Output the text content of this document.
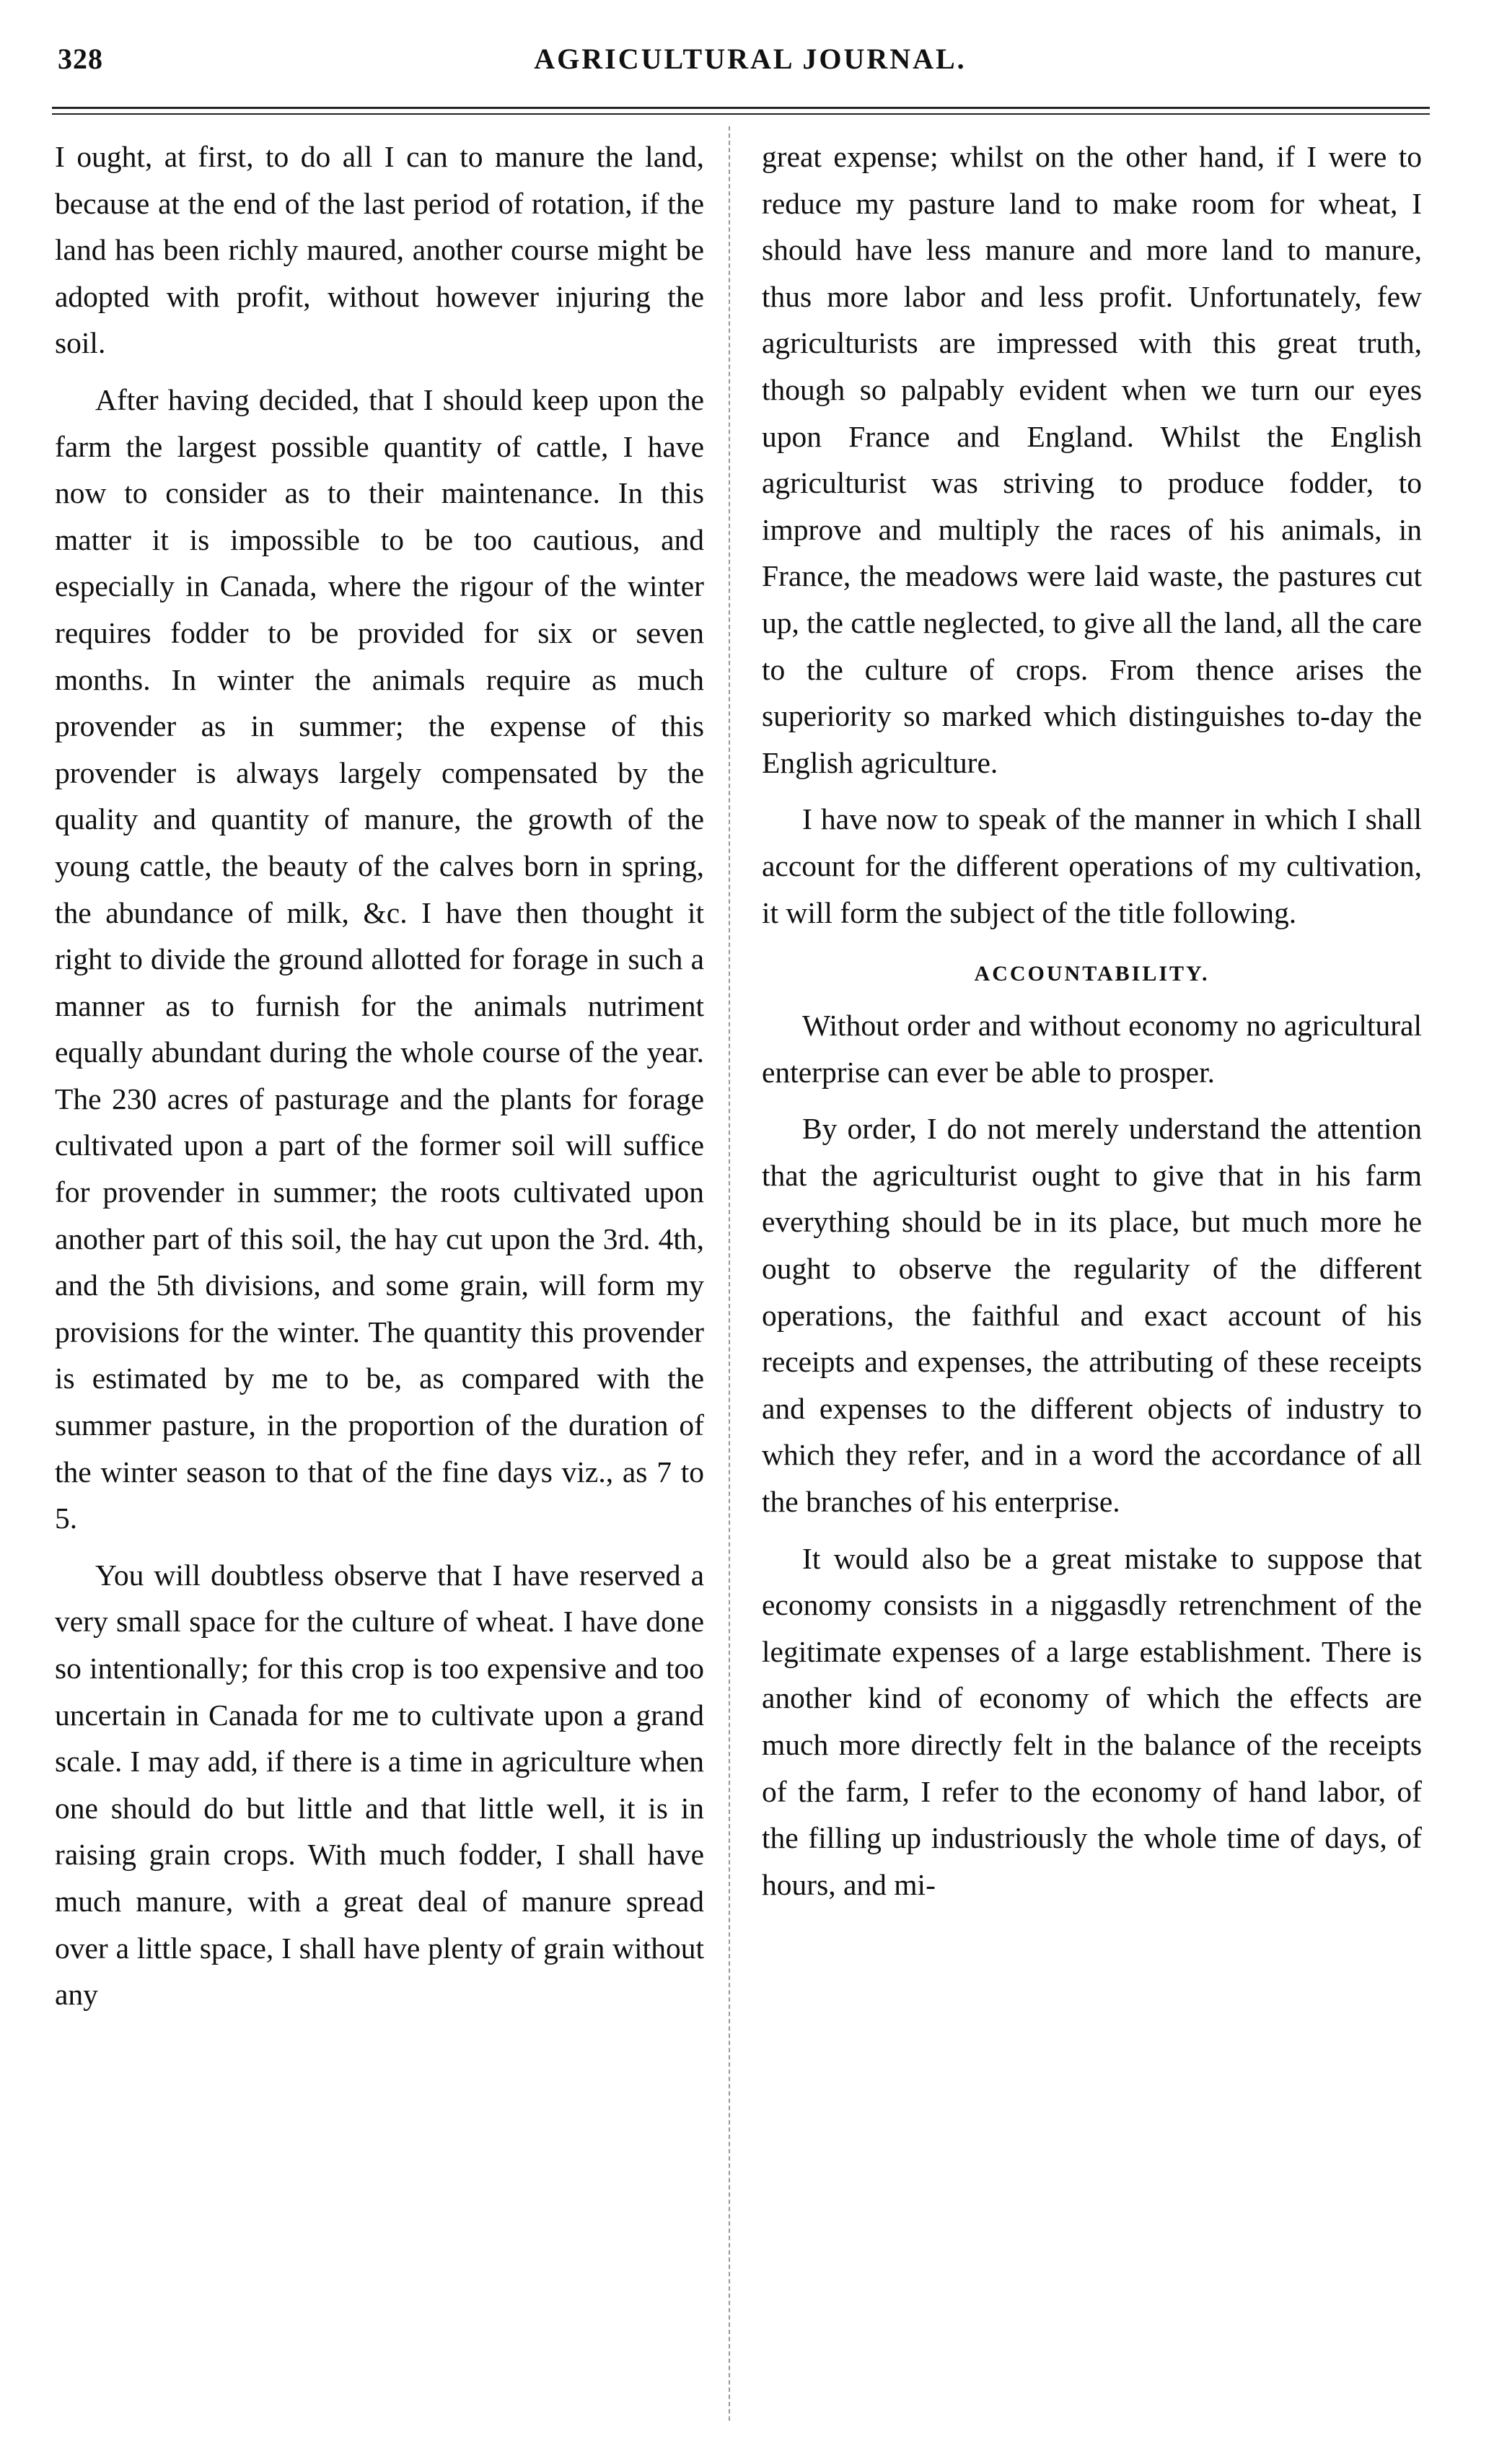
328	AGRICULTURAL JOURNAL.

I ought, at first, to do all I can to manure the land, because at the end of the last period of rotation, if the land has been richly maured, another course might be adopted with profit, without however injuring the soil.

After having decided, that I should keep upon the farm the largest possible quantity of cattle, I have now to consider as to their maintenance. In this matter it is impossible to be too cautious, and especially in Canada, where the rigour of the winter requires fodder to be provided for six or seven months. In winter the animals require as much provender as in summer; the expense of this provender is always largely compensated by the quality and quantity of manure, the growth of the young cattle, the beauty of the calves born in spring, the abundance of milk, &c. I have then thought it right to divide the ground allotted for forage in such a manner as to furnish for the animals nutriment equally abundant during the whole course of the year. The 230 acres of pasturage and the plants for forage cultivated upon a part of the former soil will suffice for provender in summer; the roots cultivated upon another part of this soil, the hay cut upon the 3rd. 4th, and the 5th divisions, and some grain, will form my provisions for the winter. The quantity this provender is estimated by me to be, as compared with the summer pasture, in the proportion of the duration of the winter season to that of the fine days viz., as 7 to 5.

You will doubtless observe that I have reserved a very small space for the culture of wheat. I have done so intentionally; for this crop is too expensive and too uncertain in Canada for me to cultivate upon a grand scale. I may add, if there is a time in agriculture when one should do but little and that little well, it is in raising grain crops. With much fodder, I shall have much manure, with a great deal of manure spread over a little space, I shall have plenty of grain without any

great expense; whilst on the other hand, if I were to reduce my pasture land to make room for wheat, I should have less manure and more land to manure, thus more labor and less profit. Unfortunately, few agriculturists are impressed with this great truth, though so palpably evident when we turn our eyes upon France and England. Whilst the English agriculturist was striving to produce fodder, to improve and multiply the races of his animals, in France, the meadows were laid waste, the pastures cut up, the cattle neglected, to give all the land, all the care to the culture of crops. From thence arises the superiority so marked which distinguishes to-day the English agriculture.

I have now to speak of the manner in which I shall account for the different operations of my cultivation, it will form the subject of the title following.

ACCOUNTABILITY.

Without order and without economy no agricultural enterprise can ever be able to prosper.

By order, I do not merely understand the attention that the agriculturist ought to give that in his farm everything should be in its place, but much more he ought to observe the regularity of the different operations, the faithful and exact account of his receipts and expenses, the attributing of these receipts and expenses to the different objects of industry to which they refer, and in a word the accordance of all the branches of his enterprise.

It would also be a great mistake to suppose that economy consists in a niggasdly retrenchment of the legitimate expenses of a large establishment. There is another kind of economy of which the effects are much more directly felt in the balance of the receipts of the farm, I refer to the economy of hand labor, of the filling up industriously the whole time of days, of hours, and mi-
